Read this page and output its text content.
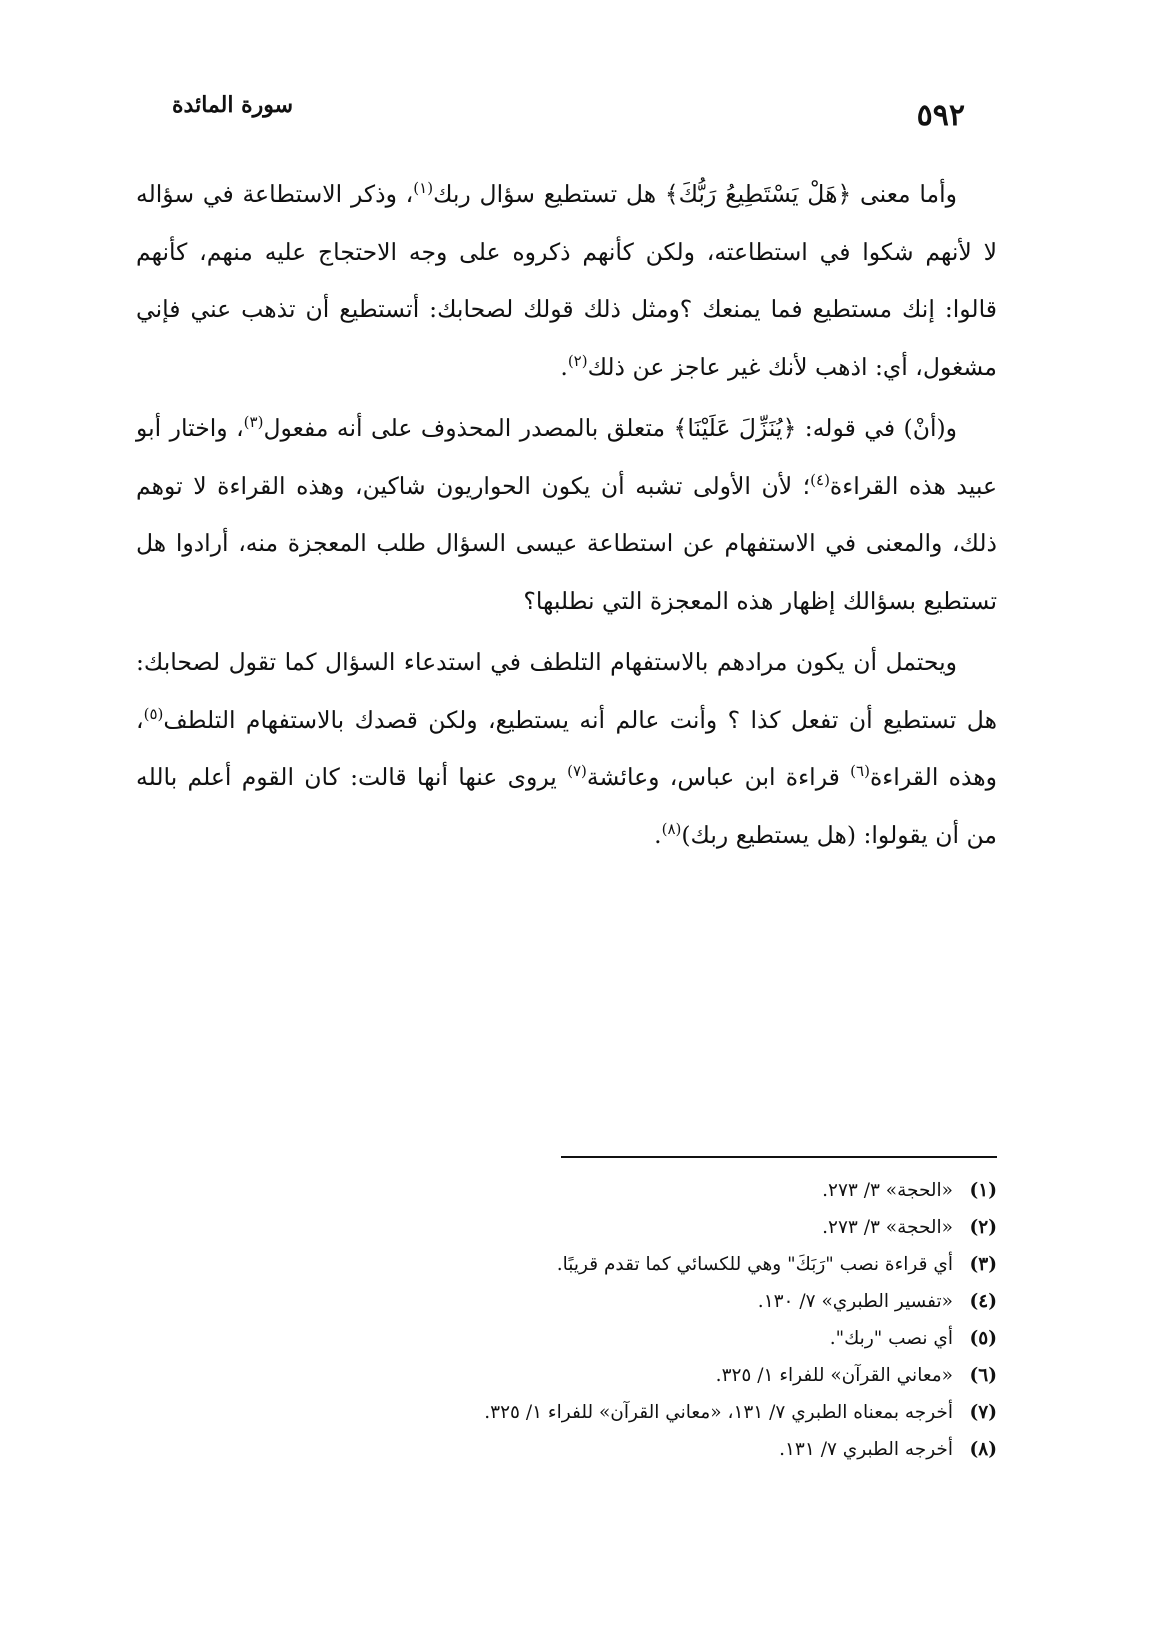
٥٩٢
سورة المائدة

وأما معنى ﴿هَلْ يَسْتَطِيعُ رَبُّكَ﴾ هل تستطيع سؤال ربك$^{(١)}$، وذكر الاستطاعة في سؤاله لا لأنهم شكوا في استطاعته، ولكن كأنهم ذكروه على وجه الاحتجاج عليه منهم، كأنهم قالوا: إنك مستطيع فما يمنعك ؟ومثل ذلك قولك لصحابك: أتستطيع أن تذهب عني فإني مشغول، أي: اذهب لأنك غير عاجز عن ذلك$^{(٢)}$.

و(أنْ) في قوله: ﴿يُنَزِّلَ عَلَيْنَا﴾ متعلق بالمصدر المحذوف على أنه مفعول$^{(٣)}$، واختار أبو عبيد هذه القراءة$^{(٤)}$؛ لأن الأولى تشبه أن يكون الحواريون شاكين، وهذه القراءة لا توهم ذلك، والمعنى في الاستفهام عن استطاعة عيسى السؤال طلب المعجزة منه، أرادوا هل تستطيع بسؤالك إظهار هذه المعجزة التي نطلبها؟

ويحتمل أن يكون مرادهم بالاستفهام التلطف في استدعاء السؤال كما تقول لصحابك: هل تستطيع أن تفعل كذا ؟ وأنت عالم أنه يستطيع، ولكن قصدك بالاستفهام التلطف$^{(٥)}$، وهذه القراءة$^{(٦)}$ قراءة ابن عباس، وعائشة$^{(٧)}$ يروى عنها أنها قالت: كان القوم أعلم بالله من أن يقولوا: (هل يستطيع ربك)$^{(٨)}$.

(١)«الحجة» ٣/ ٢٧٣.
(٢)«الحجة» ٣/ ٢٧٣.
(٣)أي قراءة نصب "رَبَكَ" وهي للكسائي كما تقدم قريبًا.
(٤)«تفسير الطبري» ٧/ ١٣٠.
(٥)أي نصب "ربك".
(٦)«معاني القرآن» للفراء ١/ ٣٢٥.
(٧)أخرجه بمعناه الطبري ٧/ ١٣١، «معاني القرآن» للفراء ١/ ٣٢٥.
(٨)أخرجه الطبري ٧/ ١٣١.
